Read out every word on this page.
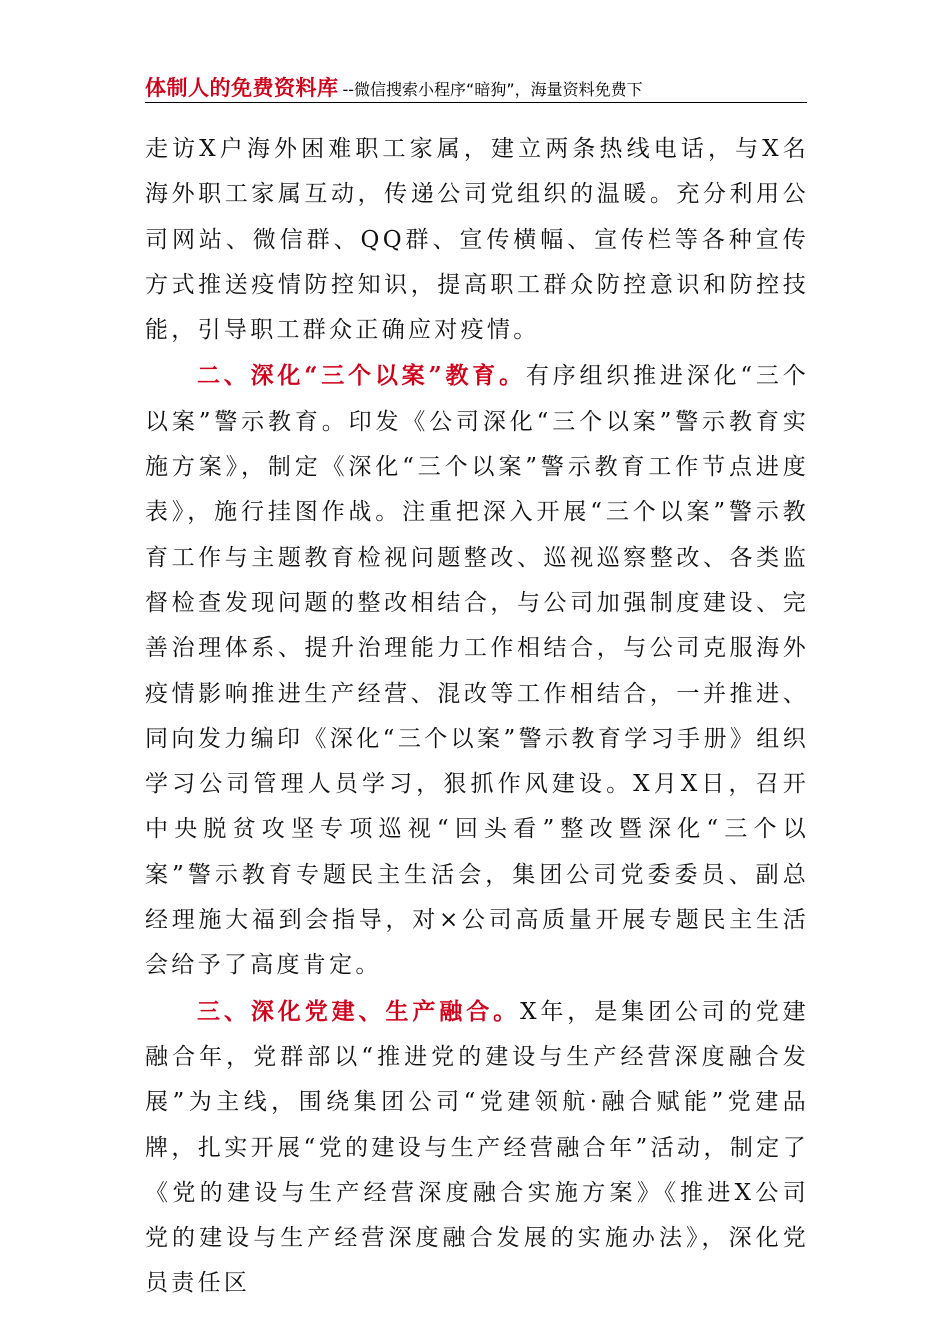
体制人的免费资料库 --微信搜索小程序“暗狗”，海量资料免费下

走访X户海外困难职工家属，建立两条热线电话，与X名海外职工家属互动，传递公司党组织的温暖。充分利用公司网站、微信群、QQ群、宣传横幅、宣传栏等各种宣传方式推送疫情防控知识，提高职工群众防控意识和防控技能，引导职工群众正确应对疫情。

二、深化“三个以案”教育。有序组织推进深化“三个以案”警示教育。印发《公司深化“三个以案”警示教育实施方案》，制定《深化“三个以案”警示教育工作节点进度表》，施行挂图作战。注重把深入开展“三个以案”警示教育工作与主题教育检视问题整改、巡视巡察整改、各类监督检查发现问题的整改相结合，与公司加强制度建设、完善治理体系、提升治理能力工作相结合，与公司克服海外疫情影响推进生产经营、混改等工作相结合，一并推进、同向发力编印《深化“三个以案”警示教育学习手册》组织学习公司管理人员学习，狠抓作风建设。X月X日，召开中央脱贫攻坚专项巡视“回头看”整改暨深化“三个以案”警示教育专题民主生活会，集团公司党委委员、副总经理施大福到会指导，对×公司高质量开展专题民主生活会给予了高度肯定。

三、深化党建、生产融合。X年，是集团公司的党建融合年，党群部以“推进党的建设与生产经营深度融合发展”为主线，围绕集团公司“党建领航·融合赋能”党建品牌，扎实开展“党的建设与生产经营融合年”活动，制定了《党的建设与生产经营深度融合实施方案》《推进X公司党的建设与生产经营深度融合发展的实施办法》，深化党员责任区
